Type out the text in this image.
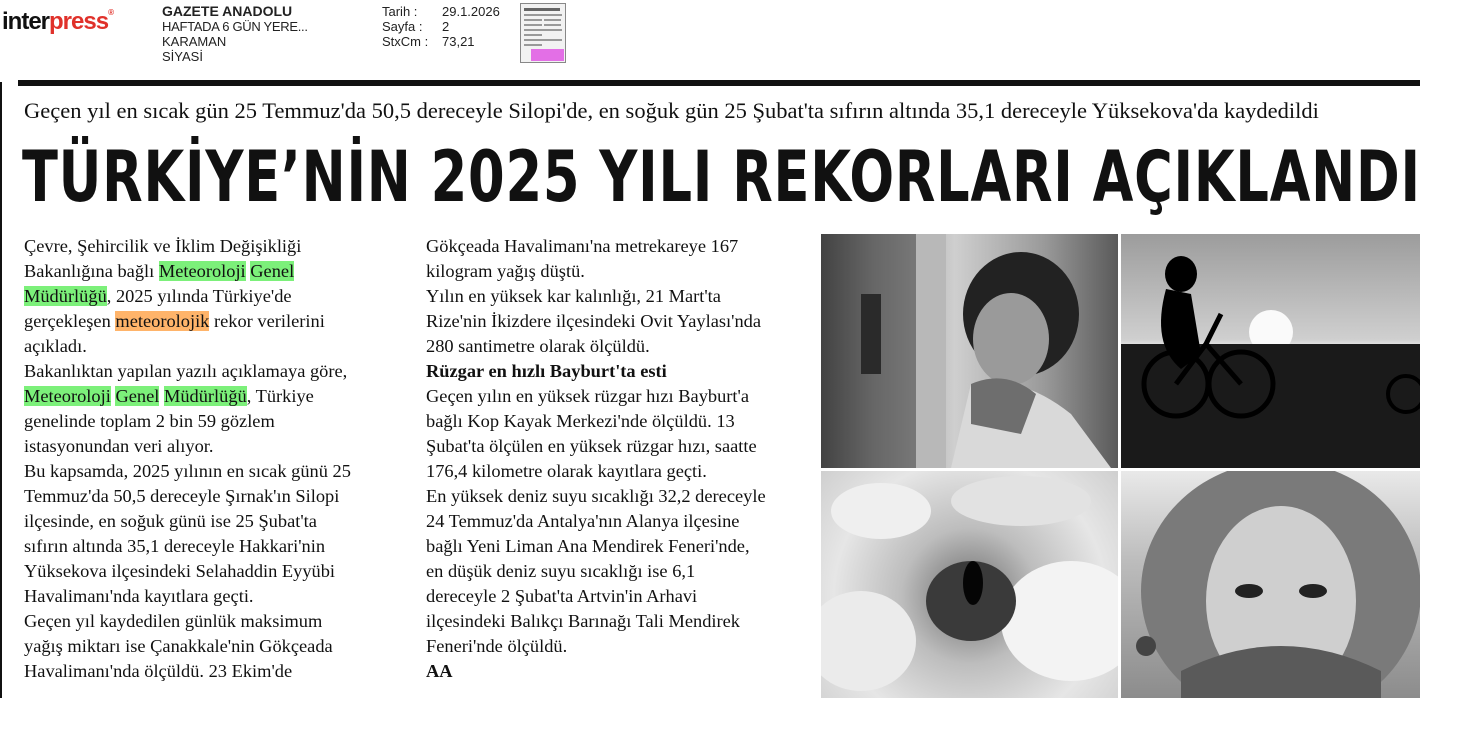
interpress®	GAZETE ANADOLU
HAFTADA 6 GÜN YERE...
KARAMAN
SİYASİ
Tarih :	29.1.2026
Sayfa :	2
StxCm :	73,21
Geçen yıl en sıcak gün 25 Temmuz'da 50,5 dereceyle Silopi'de, en soğuk gün 25 Şubat'ta sıfırın altında 35,1 dereceyle Yüksekova'da kaydedildi
TÜRKİYE’NİN 2025 YILI REKORLARI AÇIKLANDI

Çevre, Şehircilik ve İklim Değişikliği
Bakanlığına bağlı Meteoroloji Genel
Müdürlüğü, 2025 yılında Türkiye'de
gerçekleşen meteorolojik rekor verilerini
açıkladı.

Bakanlıktan yapılan yazılı açıklamaya göre,
Meteoroloji Genel Müdürlüğü, Türkiye
genelinde toplam 2 bin 59 gözlem
istasyonundan veri alıyor.

Bu kapsamda, 2025 yılının en sıcak günü 25
Temmuz'da 50,5 dereceyle Şırnak'ın Silopi
ilçesinde, en soğuk günü ise 25 Şubat'ta
sıfırın altında 35,1 dereceyle Hakkari'nin
Yüksekova ilçesindeki Selahaddin Eyyübi
Havalimanı'nda kayıtlara geçti.

Geçen yıl kaydedilen günlük maksimum
yağış miktarı ise Çanakkale'nin Gökçeada
Havalimanı'nda ölçüldü. 23 Ekim'de

Gökçeada Havalimanı'na metrekareye 167
kilogram yağış düştü.
Yılın en yüksek kar kalınlığı, 21 Mart'ta
Rize'nin İkizdere ilçesindeki Ovit Yaylası'nda
280 santimetre olarak ölçüldü.

Rüzgar en hızlı Bayburt'ta esti

Geçen yılın en yüksek rüzgar hızı Bayburt'a
bağlı Kop Kayak Merkezi'nde ölçüldü. 13
Şubat'ta ölçülen en yüksek rüzgar hızı, saatte
176,4 kilometre olarak kayıtlara geçti.

En yüksek deniz suyu sıcaklığı 32,2 dereceyle
24 Temmuz'da Antalya'nın Alanya ilçesine
bağlı Yeni Liman Ana Mendirek Feneri'nde,
en düşük deniz suyu sıcaklığı ise 6,1
dereceyle 2 Şubat'ta Artvin'in Arhavi
ilçesindeki Balıkçı Barınağı Tali Mendirek
Feneri'nde ölçüldü.

AA
